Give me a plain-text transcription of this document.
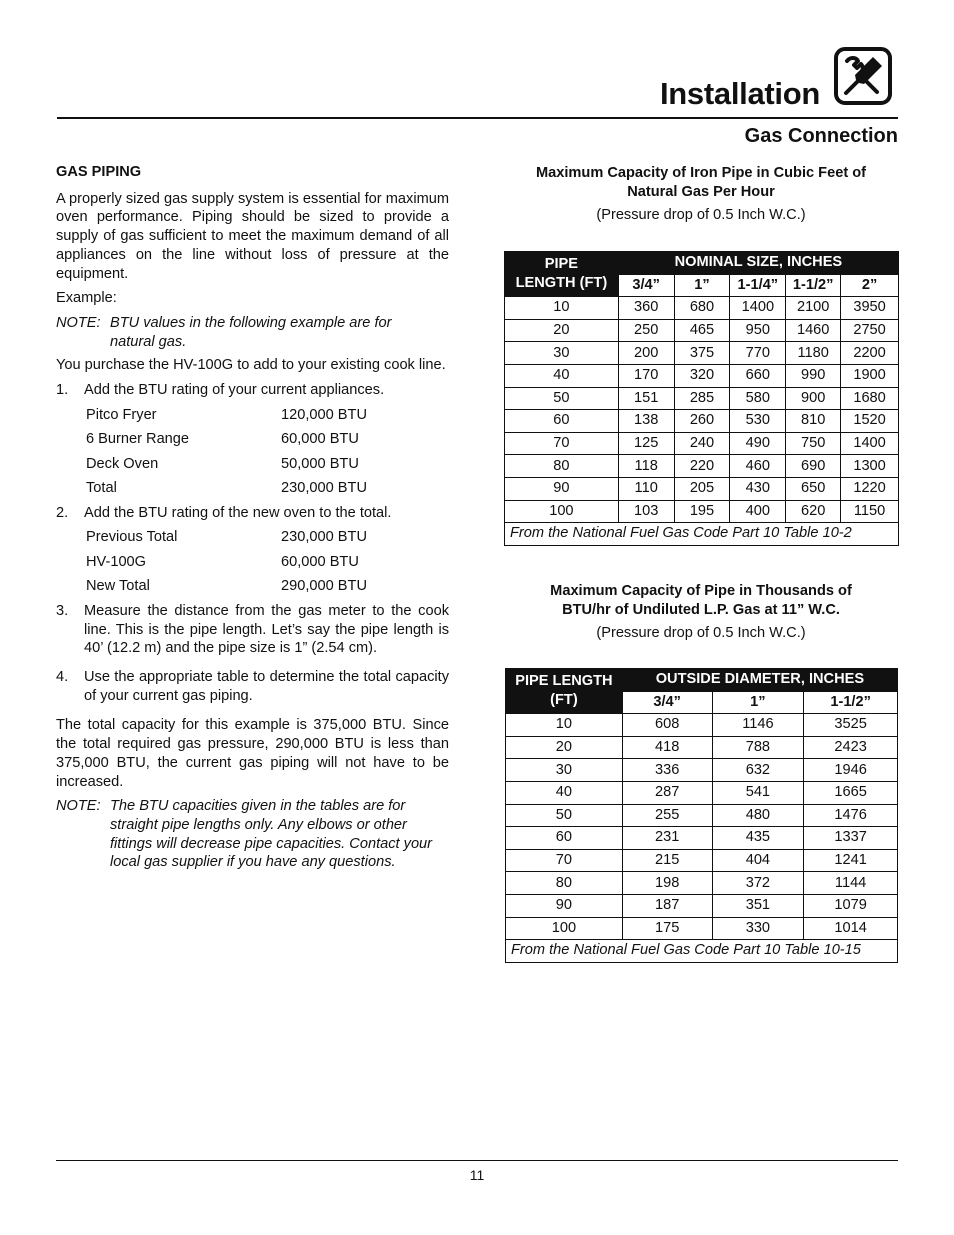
Installation
Gas Connection
GAS PIPING

A properly sized gas supply system is essential for maximum oven performance. Piping should be sized to provide a supply of gas sufficient to meet the maximum demand of all appliances on the line without loss of pressure at the equipment.

Example:

NOTE: BTU values in the following example are for natural gas.

You purchase the HV-100G to add to your existing cook line.

1. Add the BTU rating of your current appliances.
Pitco Fryer	120,000 BTU
6 Burner Range	60,000 BTU
Deck Oven	50,000 BTU
Total	230,000 BTU
2. Add the BTU rating of the new oven to the total.
Previous Total	230,000 BTU
HV-100G	60,000 BTU
New Total	290,000 BTU
3. Measure the distance from the gas meter to the cook line. This is the pipe length. Let’s say the pipe length is 40’ (12.2 m) and the pipe size is 1” (2.54 cm).
4. Use the appropriate table to determine the total capacity of your current gas piping.

The total capacity for this example is 375,000 BTU. Since the total required gas pressure, 290,000 BTU is less than 375,000 BTU, the current gas piping will not have to be increased.

NOTE: The BTU capacities given in the tables are for straight pipe lengths only. Any elbows or other fittings will decrease pipe capacities. Contact your local gas supplier if you have any questions.
Maximum Capacity of Iron Pipe in Cubic Feet of Natural Gas Per Hour
(Pressure drop of 0.5 Inch W.C.)
PIPE LENGTH (FT)	NOMINAL SIZE, INCHES				
	3/4”	1”	1-1/4”	1-1/2”	2”
10	360	680	1400	2100	3950
20	250	465	950	1460	2750
30	200	375	770	1180	2200
40	170	320	660	990	1900
50	151	285	580	900	1680
60	138	260	530	810	1520
70	125	240	490	750	1400
80	118	220	460	690	1300
90	110	205	430	650	1220
100	103	195	400	620	1150
From the National Fuel Gas Code Part 10 Table 10-2					
Maximum Capacity of Pipe in Thousands of BTU/hr of Undiluted L.P. Gas at 11” W.C.
(Pressure drop of 0.5 Inch W.C.)
PIPE LENGTH (FT)	OUTSIDE DIAMETER, INCHES		
	3/4”	1”	1-1/2”
10	608	1146	3525
20	418	788	2423
30	336	632	1946
40	287	541	1665
50	255	480	1476
60	231	435	1337
70	215	404	1241
80	198	372	1144
90	187	351	1079
100	175	330	1014
From the National Fuel Gas Code Part 10 Table 10-15			
11
